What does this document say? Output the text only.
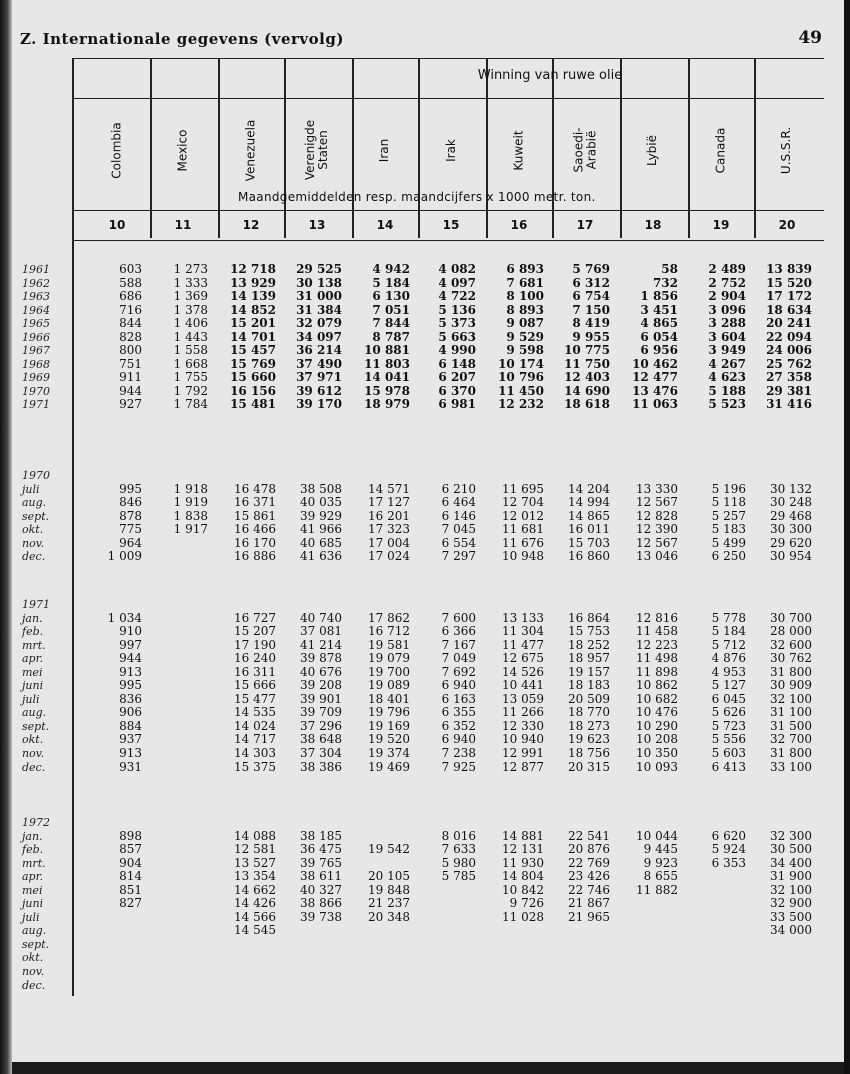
Z. Internationale gegevens (vervolg)	49
Winning van ruwe olie
Maandgemiddelden resp. maandcijfers x 1000 metr. ton.
Colombia
10
Mexico
11
Venezuela
12
Verenigde
Staten
13
Iran
14
Irak
15
Kuweit
16
Saoedi-
Arabië
17
Lybië
18
Canada
19
U.S.S.R.
20
1961
1962
1963
1964
1965
1966
1967
1968
1969
1970
1971
603
588
686
716
844
828
800
751
911
944
927
1 273
1 333
1 369
1 378
1 406
1 443
1 558
1 668
1 755
1 792
1 784
12 718
13 929
14 139
14 852
15 201
14 701
15 457
15 769
15 660
16 156
15 481
29 525
30 138
31 000
31 384
32 079
34 097
36 214
37 490
37 971
39 612
39 170
4 942
5 184
6 130
7 051
7 844
8 787
10 881
11 803
14 041
15 978
18 979
4 082
4 097
4 722
5 136
5 373
5 663
4 990
6 148
6 207
6 370
6 981
6 893
7 681
8 100
8 893
9 087
9 529
9 598
10 174
10 796
11 450
12 232
5 769
6 312
6 754
7 150
8 419
9 955
10 775
11 750
12 403
14 690
18 618
58
732
1 856
3 451
4 865
6 054
6 956
10 462
12 477
13 476
11 063
2 489
2 752
2 904
3 096
3 288
3 604
3 949
4 267
4 623
5 188
5 523
13 839
15 520
17 172
18 634
20 241
22 094
24 006
25 762
27 358
29 381
31 416
1970
juli
aug.
sept.
okt.
nov.
dec.

995
846
878
775
964
1 009

1 918
1 919
1 838
1 917

16 478
16 371
15 861
16 466
16 170
16 886

38 508
40 035
39 929
41 966
40 685
41 636

14 571
17 127
16 201
17 323
17 004
17 024

6 210
6 464
6 146
7 045
6 554
7 297

11 695
12 704
12 012
11 681
11 676
10 948

14 204
14 994
14 865
16 011
15 703
16 860

13 330
12 567
12 828
12 390
12 567
13 046

5 196
5 118
5 257
5 183
5 499
6 250

30 132
30 248
29 468
30 300
29 620
30 954
1971
jan.
feb.
mrt.
apr.
mei
juni
juli
aug.
sept.
okt.
nov.
dec.

1 034
910
997
944
913
995
836
906
884
937
913
931

16 727
15 207
17 190
16 240
16 311
15 666
15 477
14 535
14 024
14 717
14 303
15 375

40 740
37 081
41 214
39 878
40 676
39 208
39 901
39 709
37 296
38 648
37 304
38 386

17 862
16 712
19 581
19 079
19 700
19 089
18 401
19 796
19 169
19 520
19 374
19 469

7 600
6 366
7 167
7 049
7 692
6 940
6 163
6 355
6 352
6 940
7 238
7 925

13 133
11 304
11 477
12 675
14 526
10 441
13 059
11 266
12 330
10 940
12 991
12 877

16 864
15 753
18 252
18 957
19 157
18 183
20 509
18 770
18 273
19 623
18 756
20 315

12 816
11 458
12 223
11 498
11 898
10 862
10 682
10 476
10 290
10 208
10 350
10 093

5 778
5 184
5 712
4 876
4 953
5 127
6 045
5 626
5 723
5 556
5 603
6 413

30 700
28 000
32 600
30 762
31 800
30 909
32 100
31 100
31 500
32 700
31 800
33 100
1972
jan.
feb.
mrt.
apr.
mei
juni
juli
aug.
sept.
okt.
nov.
dec.

898
857
904
814
851
827

14 088
12 581
13 527
13 354
14 662
14 426
14 566
14 545

38 185
36 475
39 765
38 611
40 327
38 866
39 738

19 542

20 105
19 848
21 237
20 348

8 016
7 633
5 980
5 785

14 881
12 131
11 930
14 804
10 842
9 726
11 028

22 541
20 876
22 769
23 426
22 746
21 867
21 965

10 044
9 445
9 923
8 655
11 882

6 620
5 924
6 353

32 300
30 500
34 400
31 900
32 100
32 900
33 500
34 000

›
›
‹
